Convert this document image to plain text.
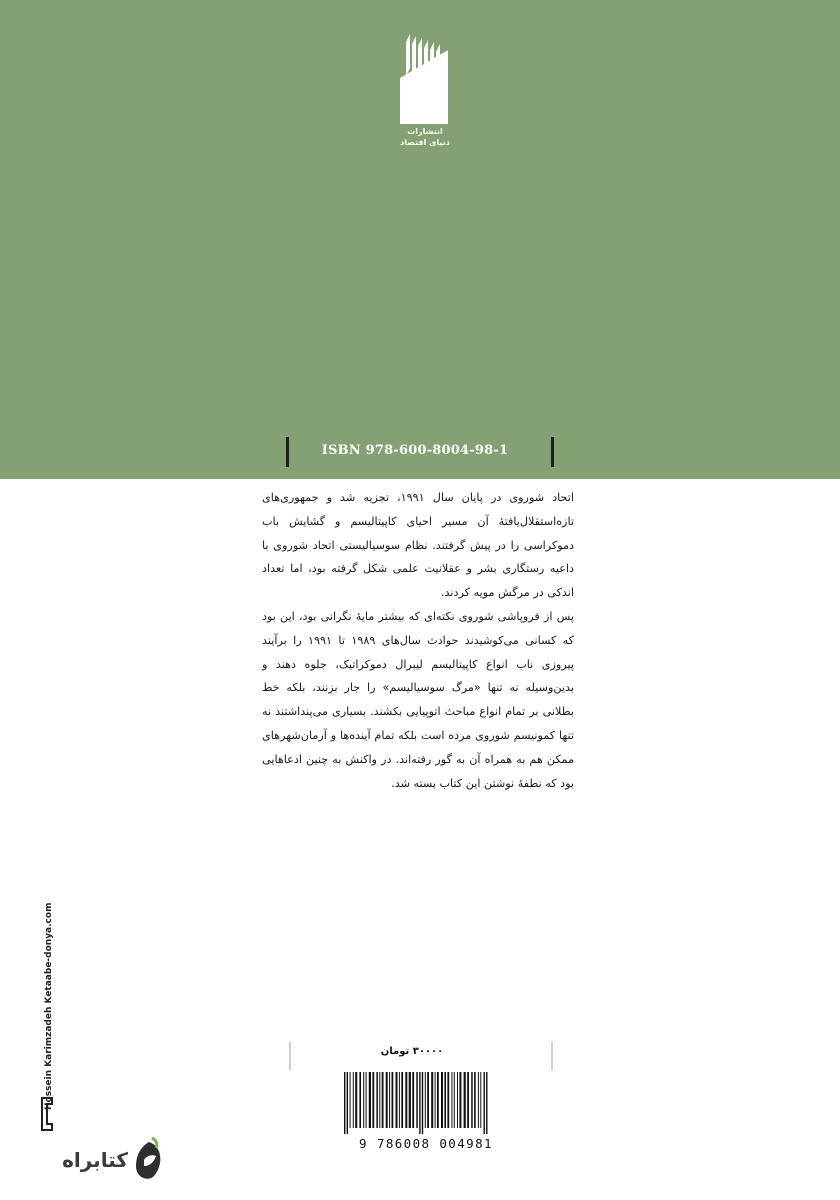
انتشارات
دنیای اقتصاد
ISBN 978-600-8004-98-1

اتحاد شوروی در پایان سال ۱۹۹۱، تجزیه شد و جمهوری‌های تازه‌استقلال‌یافتهٔ آن مسیر احیای کاپیتالیسم و گشایش باب دموکراسی را در پیش گرفتند. نظام سوسیالیستی اتحاد شوروی با داعیه رستگاری بشر و عقلانیت علمی شکل گرفته بود، اما تعداد اندکی در مرگش مویه کردند.

پس از فروپاشی شوروی نکته‌ای که بیشتر مایهٔ نگرانی بود، این بود که کسانی می‌کوشیدند حوادث سال‌های ۱۹۸۹ تا ۱۹۹۱ را برآیند پیروزی ناب انواع کاپیتالیسم لیبرال دموکراتیک، جلوه دهند و بدین‌وسیله نه تنها «مرگ سوسیالیسم» را جار بزنند، بلکه خط بطلانی بر تمام انواع مباحث اتوپیایی بکشند. بسیاری می‌پنداشتند نه تنها کمونیسم شوروی مرده است بلکه تمام آینده‌ها و آرمان‌شهرهای ممکن هم به همراه آن به گور رفته‌اند. در واکنش به چنین ادعاهایی بود که نطفهٔ نوشتن این کتاب بسته شد.

Hossein Karimzadeh Ketaabe-donya.com	۳۰۰۰۰ تومان
9 786008 004981
کتابراه
